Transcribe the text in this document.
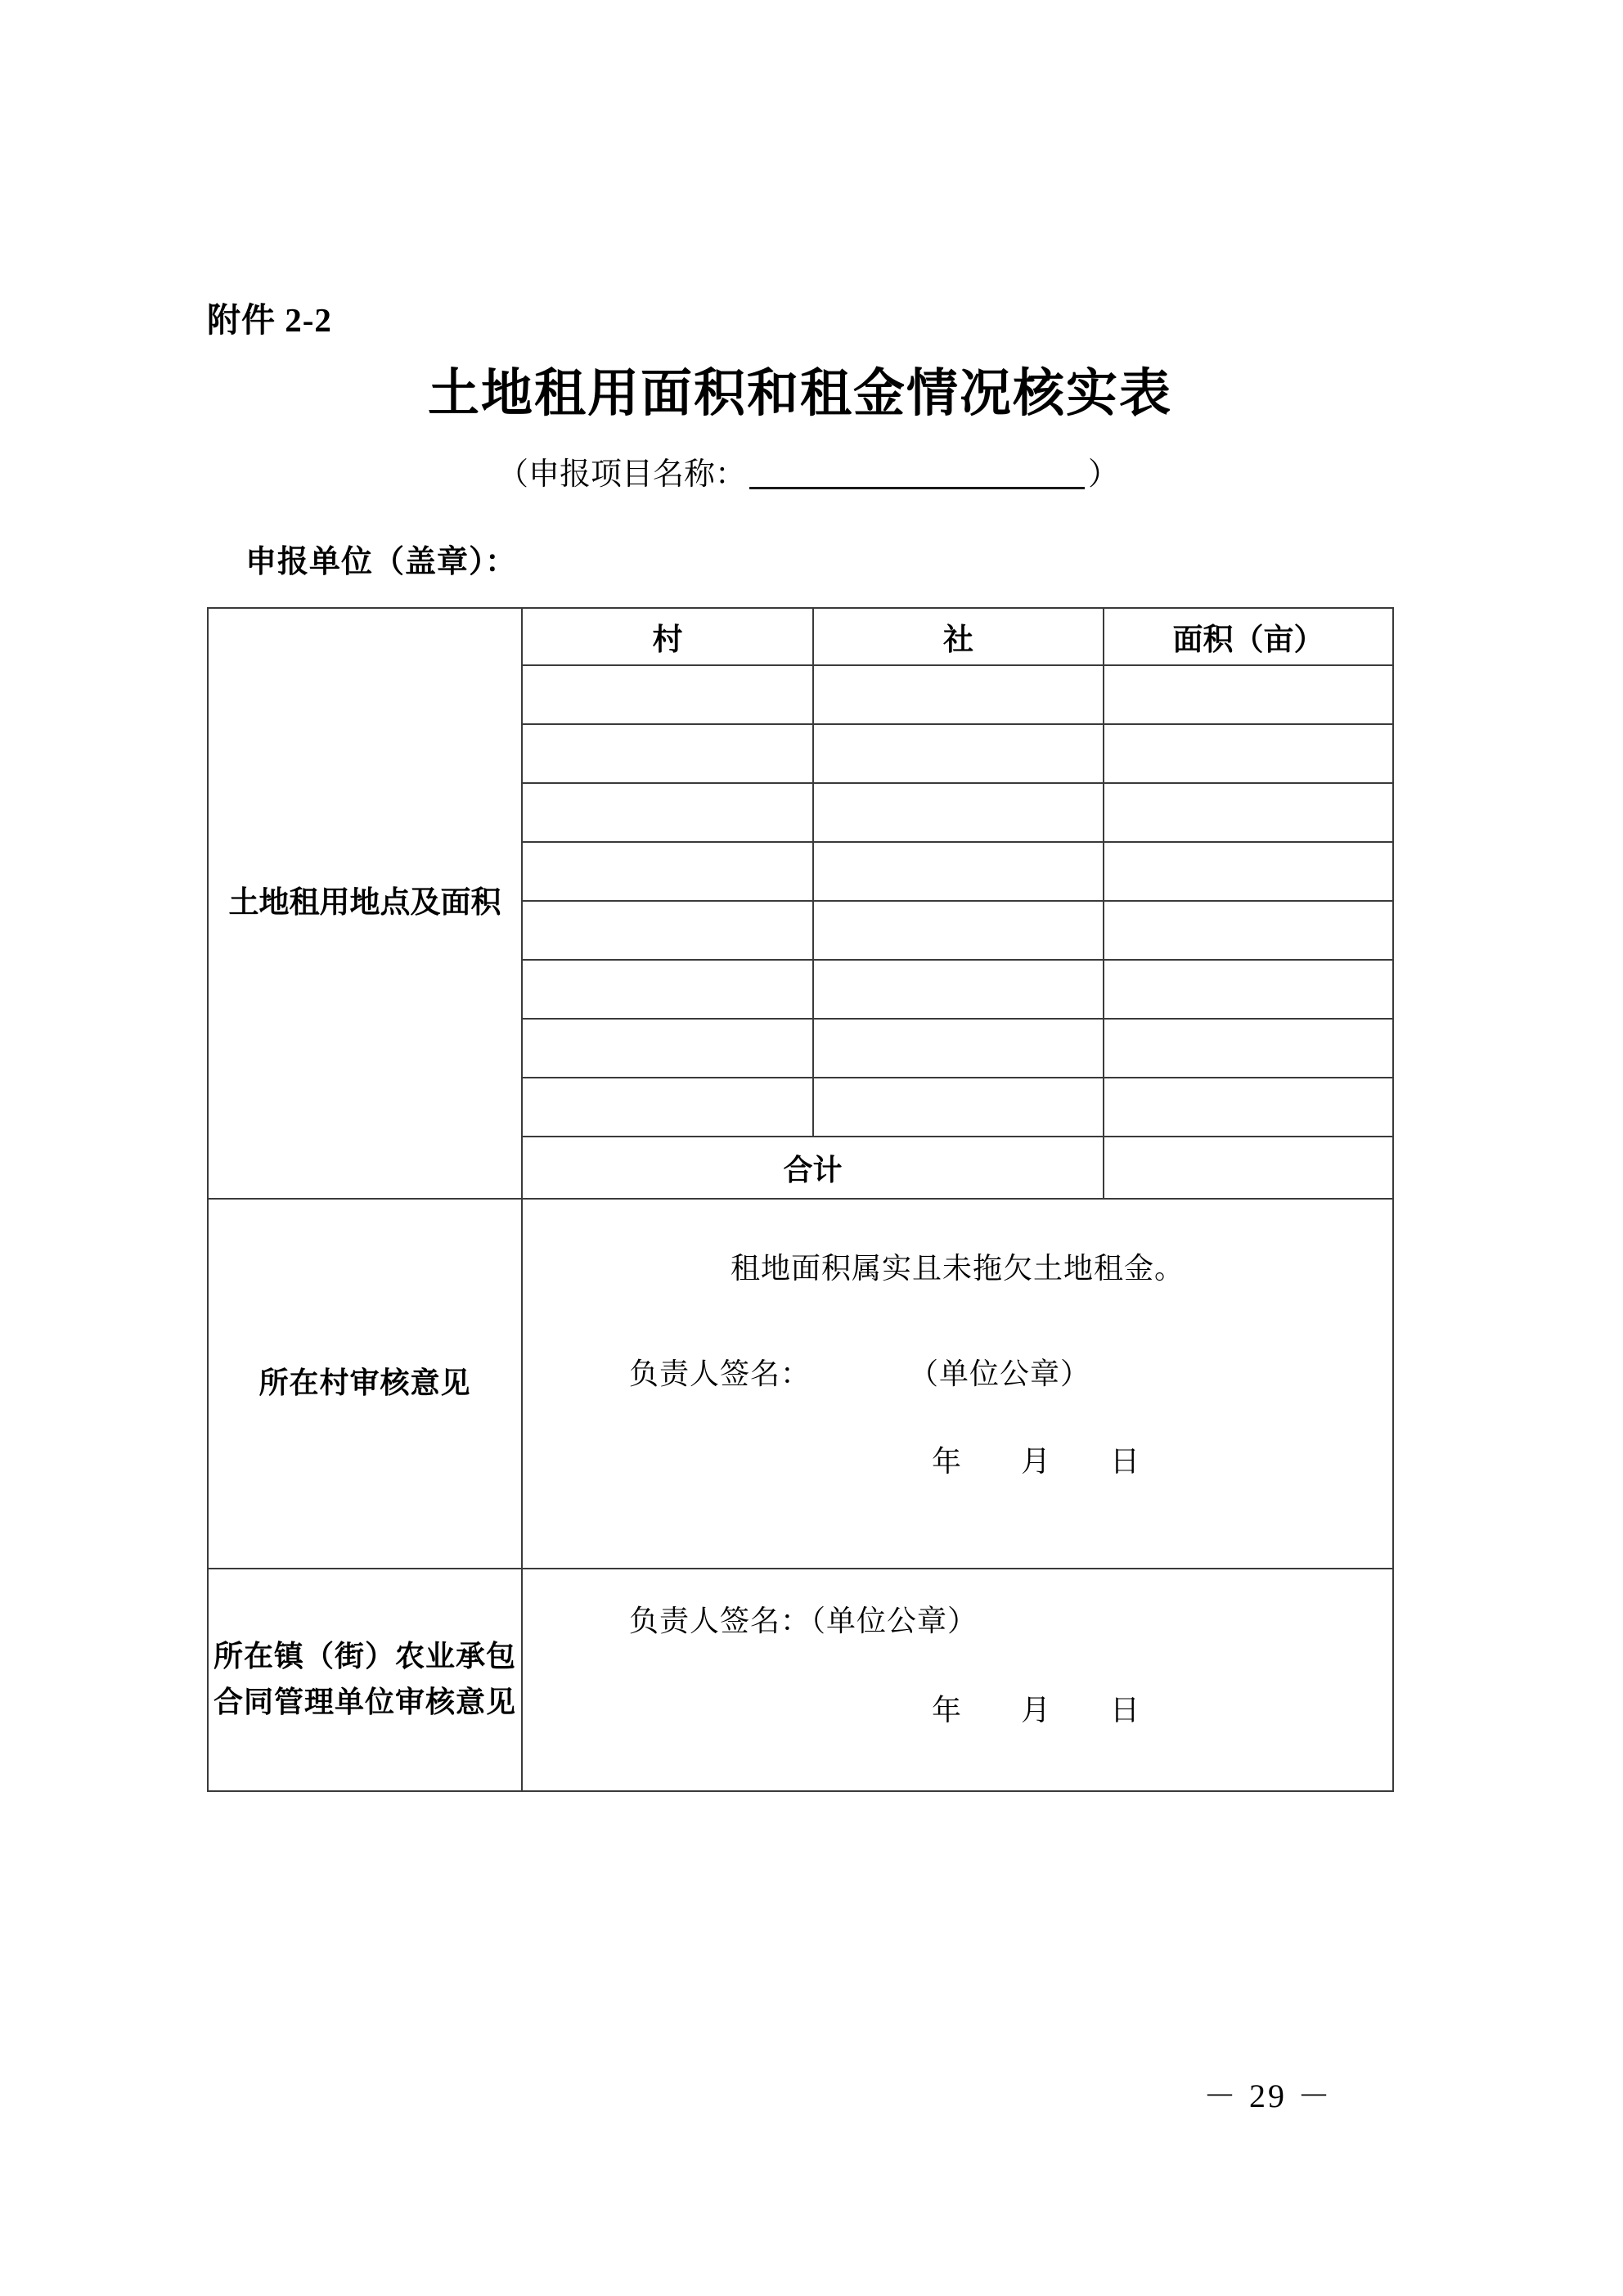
附件 2-2
土地租用面积和租金情况核实表
（申报项目名称：	）
申报单位（盖章）：
土地租用地点及面积	村	社	面积（亩）

	合计		
所在村审核意见	租地面积属实且未拖欠土地租金。
负责人签名： （单位公章）
年 月 日		

所在镇（街）农业承包合同管理单位审核意见	负责人签名：（单位公章）
年 月 日		
－ 29 －
